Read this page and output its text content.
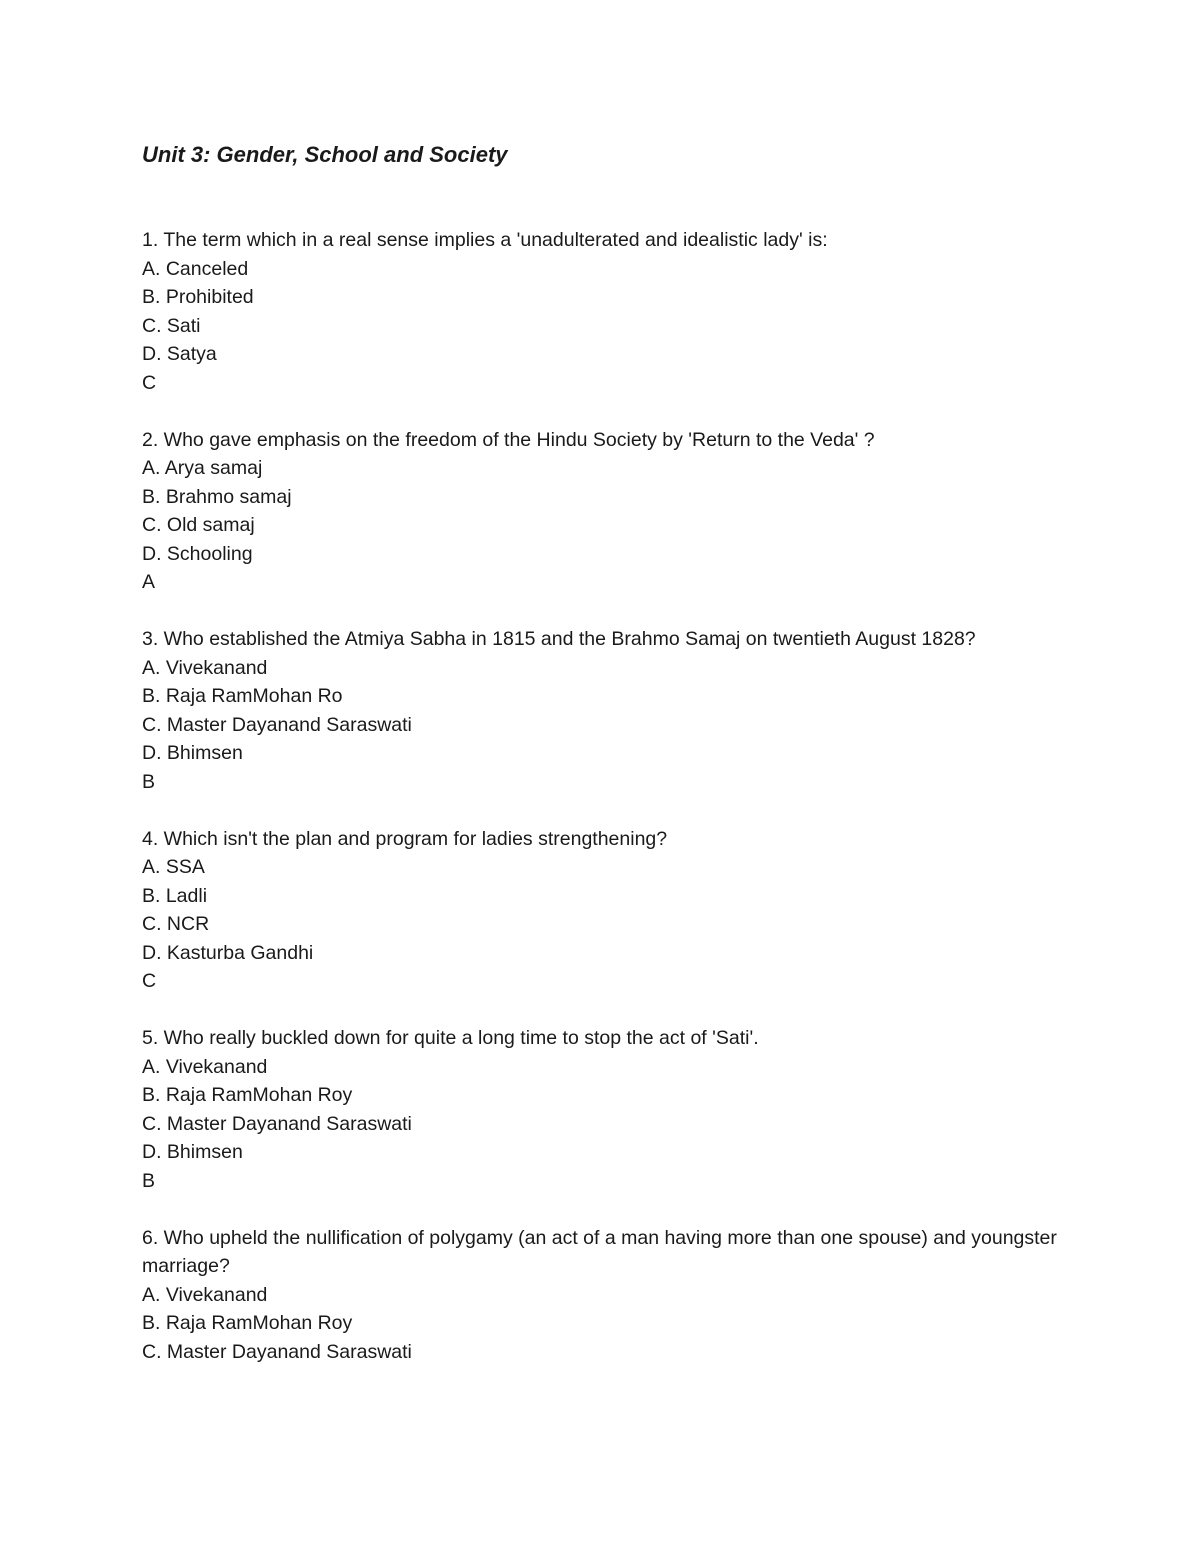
Unit 3: Gender, School and Society
1. The term which in a real sense implies a 'unadulterated and idealistic lady' is:
A. Canceled
B. Prohibited
C. Sati
D. Satya
C
2. Who gave emphasis on the freedom of the Hindu Society by 'Return to the Veda' ?
A. Arya samaj
B. Brahmo samaj
C. Old samaj
D. Schooling
A
3. Who established the Atmiya Sabha in 1815 and the Brahmo Samaj on twentieth August 1828?
A. Vivekanand
B. Raja RamMohan Ro
C. Master Dayanand Saraswati
D. Bhimsen
B
4. Which isn't the plan and program for ladies strengthening?
A. SSA
B. Ladli
C. NCR
D. Kasturba Gandhi
C
5. Who really buckled down for quite a long time to stop the act of 'Sati'.
A. Vivekanand
B. Raja RamMohan Roy
C. Master Dayanand Saraswati
D. Bhimsen
B
6. Who upheld the nullification of polygamy (an act of a man having more than one spouse) and youngster marriage?
A. Vivekanand
B. Raja RamMohan Roy
C. Master Dayanand Saraswati
